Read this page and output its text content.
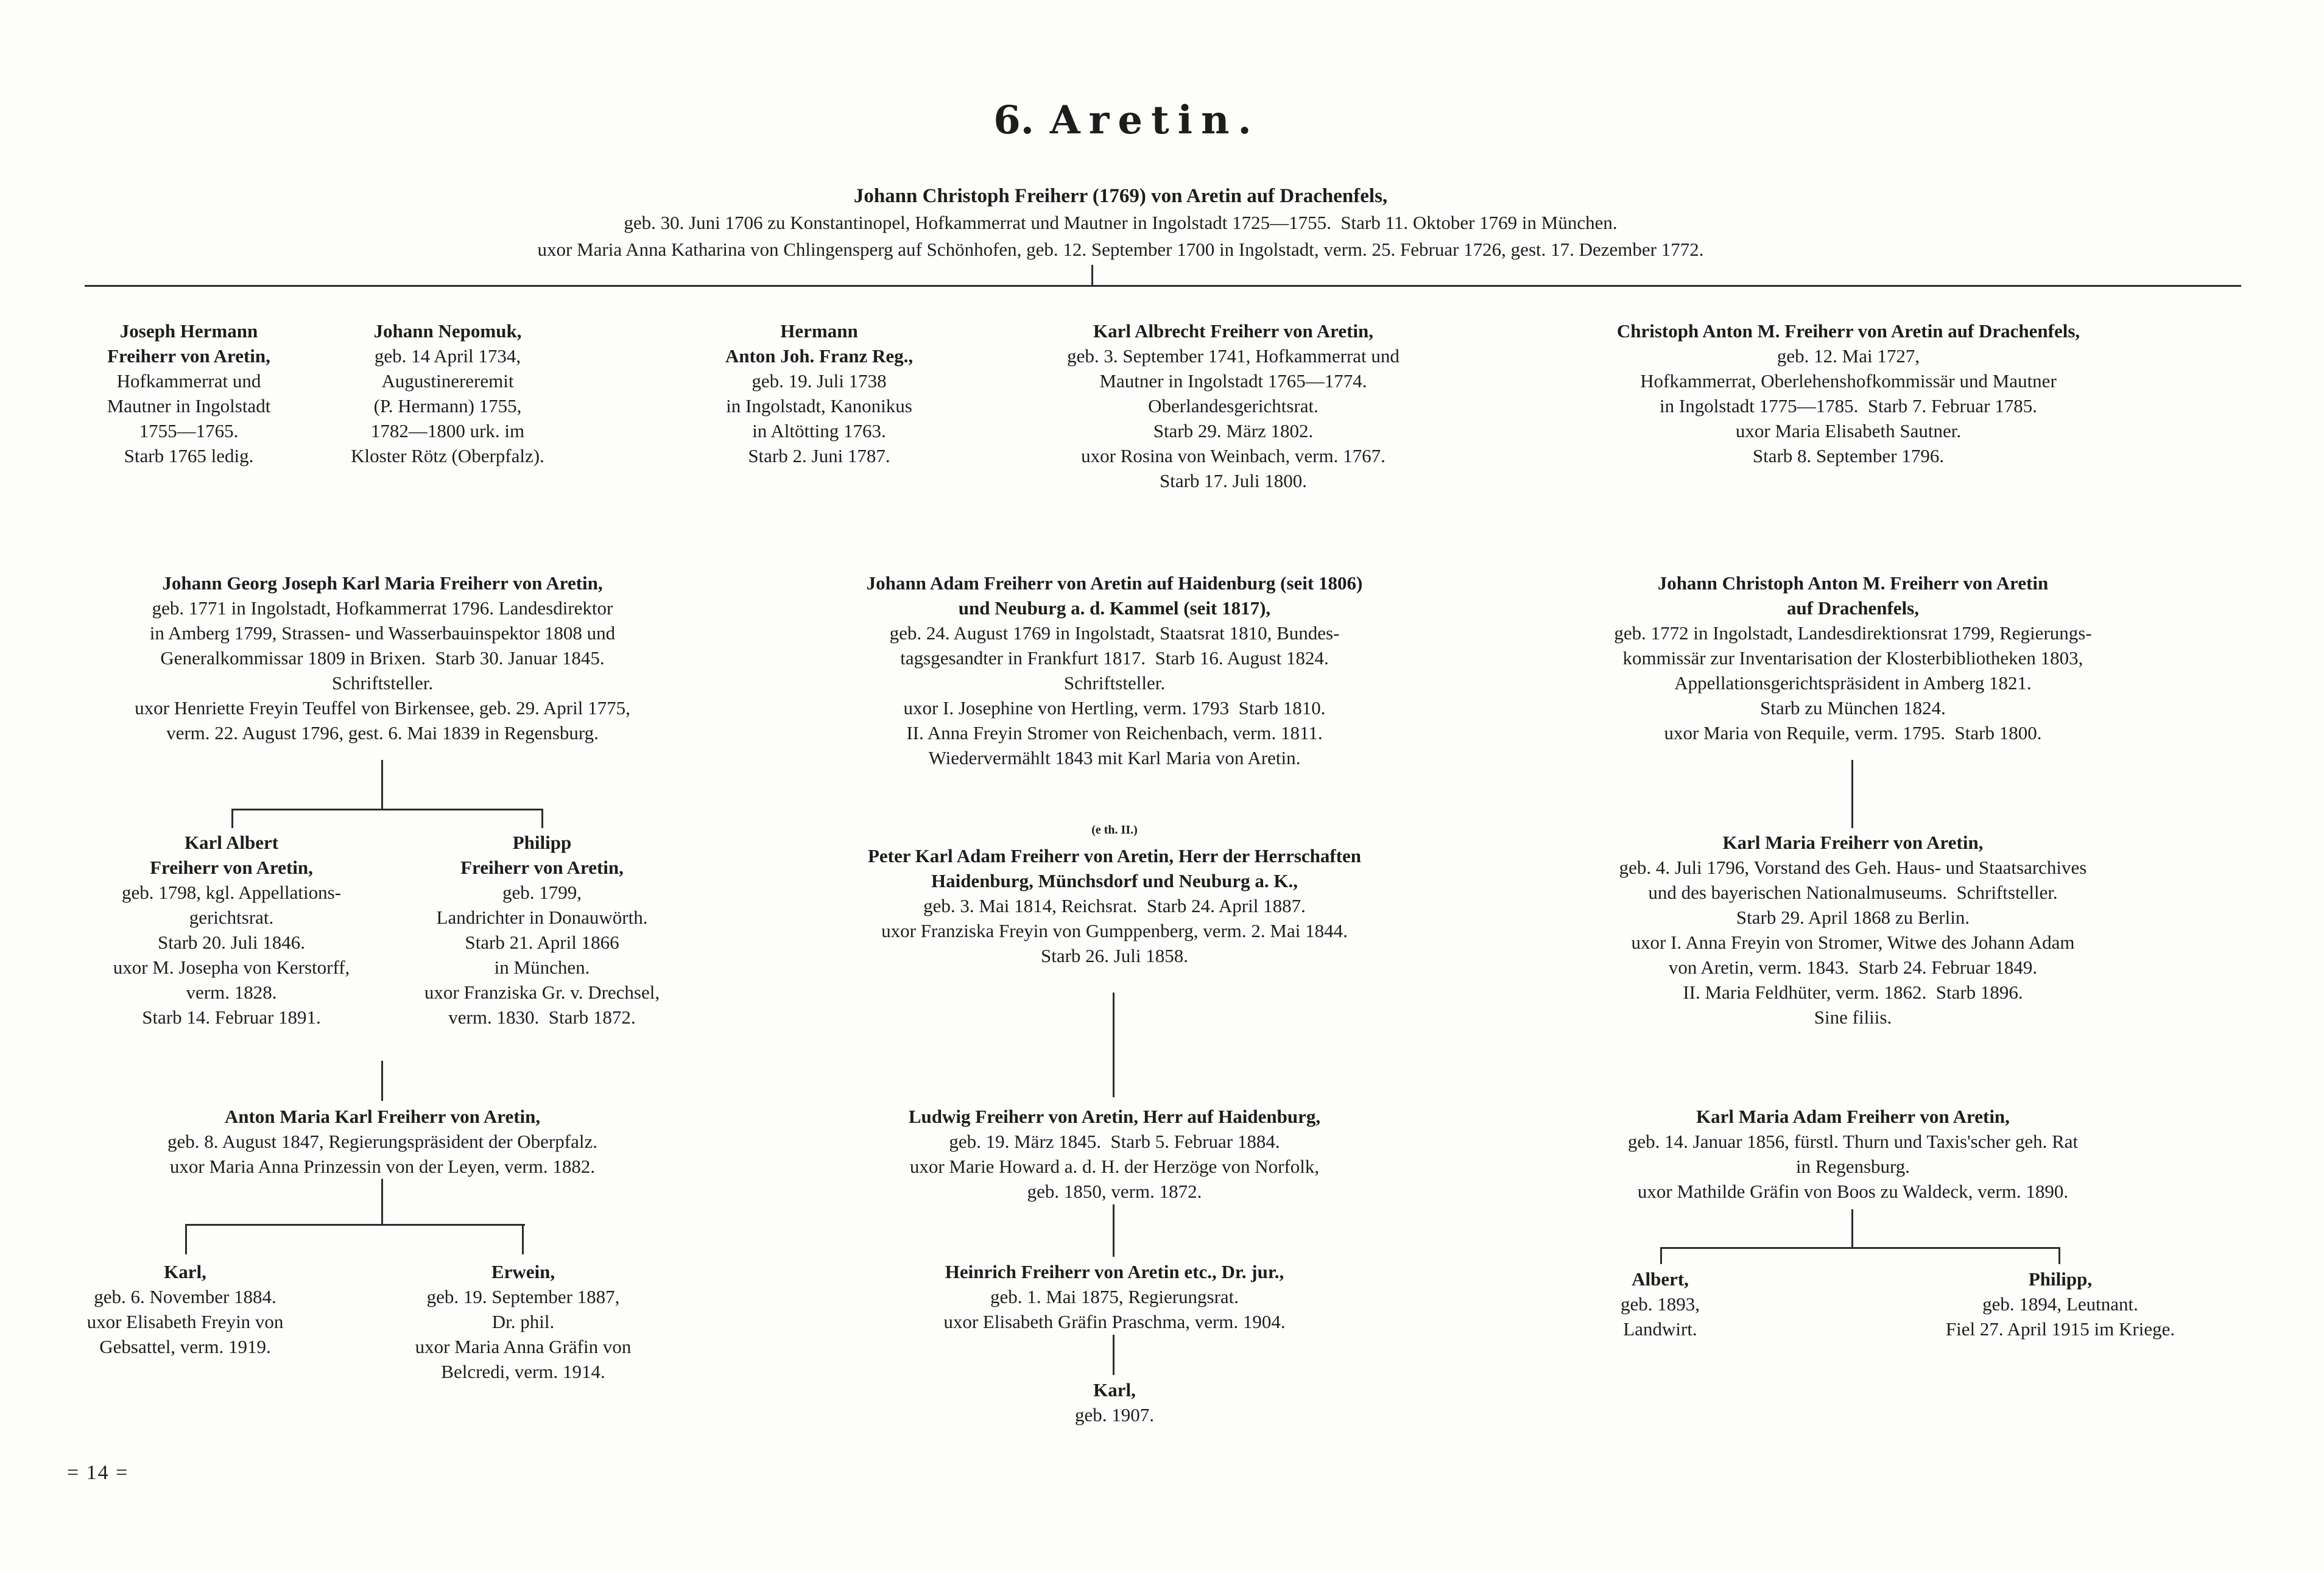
6. Aretin.
Johann Christoph Freiherr (1769) von Aretin auf Drachenfels,
geb. 30. Juni 1706 zu Konstantinopel, Hofkammerrat und Mautner in Ingolstadt 1725—1755.  Starb 11. Oktober 1769 in München.
uxor Maria Anna Katharina von Chlingensperg auf Schönhofen, geb. 12. September 1700 in Ingolstadt, verm. 25. Februar 1726, gest. 17. Dezember 1772.
Joseph Hermann
Freiherr von Aretin,
Hofkammerrat und
Mautner in Ingolstadt
1755—1765.
Starb 1765 ledig.
Johann Nepomuk,
geb. 14 April 1734,
Augustinereremit
(P. Hermann) 1755,
1782—1800 urk. im
Kloster Rötz (Oberpfalz).
Hermann
Anton Joh. Franz Reg.,
geb. 19. Juli 1738
in Ingolstadt, Kanonikus
in Altötting 1763.
Starb 2. Juni 1787.
Karl Albrecht Freiherr von Aretin,
geb. 3. September 1741, Hofkammerrat und
Mautner in Ingolstadt 1765—1774.
Oberlandesgerichtsrat.
Starb 29. März 1802.
uxor Rosina von Weinbach, verm. 1767.
Starb 17. Juli 1800.
Christoph Anton M. Freiherr von Aretin auf Drachenfels,
geb. 12. Mai 1727,
Hofkammerrat, Oberlehenshofkommissär und Mautner
in Ingolstadt 1775—1785.  Starb 7. Februar 1785.
uxor Maria Elisabeth Sautner.
Starb 8. September 1796.
Johann Georg Joseph Karl Maria Freiherr von Aretin,
geb. 1771 in Ingolstadt, Hofkammerrat 1796. Landesdirektor
in Amberg 1799, Strassen- und Wasserbauinspektor 1808 und
Generalkommissar 1809 in Brixen.  Starb 30. Januar 1845.
Schriftsteller.
uxor Henriette Freyin Teuffel von Birkensee, geb. 29. April 1775,
verm. 22. August 1796, gest. 6. Mai 1839 in Regensburg.
Johann Adam Freiherr von Aretin auf Haidenburg (seit 1806)
und Neuburg a. d. Kammel (seit 1817),
geb. 24. August 1769 in Ingolstadt, Staatsrat 1810, Bundes-
tagsgesandter in Frankfurt 1817.  Starb 16. August 1824.
Schriftsteller.
uxor I. Josephine von Hertling, verm. 1793  Starb 1810.
II. Anna Freyin Stromer von Reichenbach, verm. 1811.
Wiedervermählt 1843 mit Karl Maria von Aretin.
Johann Christoph Anton M. Freiherr von Aretin
auf Drachenfels,
geb. 1772 in Ingolstadt, Landesdirektionsrat 1799, Regierungs-
kommissär zur Inventarisation der Klosterbibliotheken 1803,
Appellationsgerichtspräsident in Amberg 1821.
Starb zu München 1824.
uxor Maria von Requile, verm. 1795.  Starb 1800.
Karl Albert
Freiherr von Aretin,
geb. 1798, kgl. Appellations-
gerichtsrat.
Starb 20. Juli 1846.
uxor M. Josepha von Kerstorff,
verm. 1828.
Starb 14. Februar 1891.
Philipp
Freiherr von Aretin,
geb. 1799,
Landrichter in Donauwörth.
Starb 21. April 1866
in München.
uxor Franziska Gr. v. Drechsel,
verm. 1830.  Starb 1872.
(e th. II.)
Peter Karl Adam Freiherr von Aretin, Herr der Herrschaften
Haidenburg, Münchsdorf und Neuburg a. K.,
geb. 3. Mai 1814, Reichsrat.  Starb 24. April 1887.
uxor Franziska Freyin von Gumppenberg, verm. 2. Mai 1844.
Starb 26. Juli 1858.
Karl Maria Freiherr von Aretin,
geb. 4. Juli 1796, Vorstand des Geh. Haus- und Staatsarchives
und des bayerischen Nationalmuseums.  Schriftsteller.
Starb 29. April 1868 zu Berlin.
uxor I. Anna Freyin von Stromer, Witwe des Johann Adam
von Aretin, verm. 1843.  Starb 24. Februar 1849.
II. Maria Feldhüter, verm. 1862.  Starb 1896.
Sine filiis.
Anton Maria Karl Freiherr von Aretin,
geb. 8. August 1847, Regierungspräsident der Oberpfalz.
uxor Maria Anna Prinzessin von der Leyen, verm. 1882.
Ludwig Freiherr von Aretin, Herr auf Haidenburg,
geb. 19. März 1845.  Starb 5. Februar 1884.
uxor Marie Howard a. d. H. der Herzöge von Norfolk,
geb. 1850, verm. 1872.
Karl Maria Adam Freiherr von Aretin,
geb. 14. Januar 1856, fürstl. Thurn und Taxis'scher geh. Rat
in Regensburg.
uxor Mathilde Gräfin von Boos zu Waldeck, verm. 1890.
Karl,
geb. 6. November 1884.
uxor Elisabeth Freyin von
Gebsattel, verm. 1919.
Erwein,
geb. 19. September 1887,
Dr. phil.
uxor Maria Anna Gräfin von
Belcredi, verm. 1914.
Heinrich Freiherr von Aretin etc., Dr. jur.,
geb. 1. Mai 1875, Regierungsrat.
uxor Elisabeth Gräfin Praschma, verm. 1904.
Albert,
geb. 1893,
Landwirt.
Philipp,
geb. 1894, Leutnant.
Fiel 27. April 1915 im Kriege.
Karl,
geb. 1907.
= 14 =
